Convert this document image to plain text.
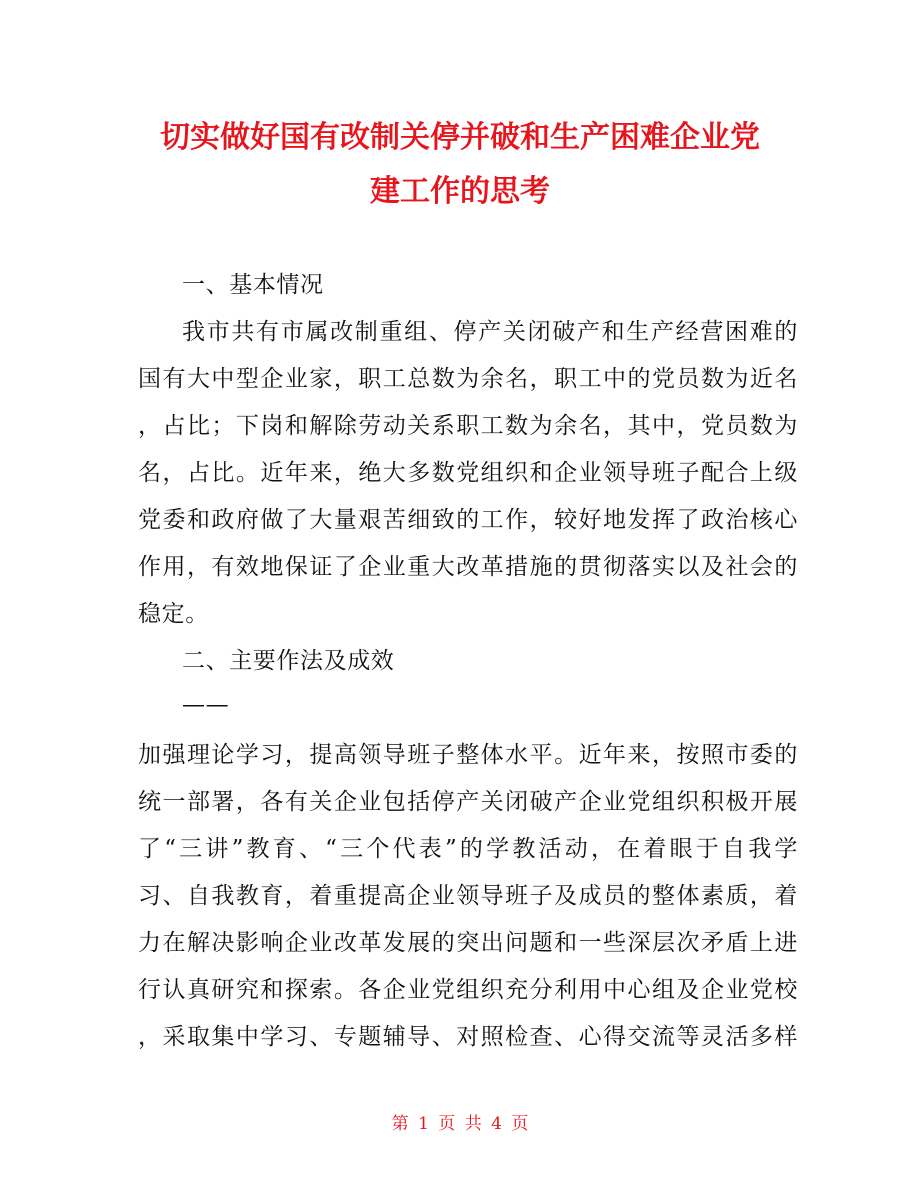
切实做好国有改制关停并破和生产困难企业党
建工作的思考
一、基本情况
我市共有市属改制重组、停产关闭破产和生产经营困难的
国有大中型企业家，职工总数为余名，职工中的党员数为近名
，占比；下岗和解除劳动关系职工数为余名，其中，党员数为
名，占比。近年来，绝大多数党组织和企业领导班子配合上级
党委和政府做了大量艰苦细致的工作，较好地发挥了政治核心
作用，有效地保证了企业重大改革措施的贯彻落实以及社会的
稳定。
二、主要作法及成效
——
加强理论学习，提高领导班子整体水平。近年来，按照市委的
统一部署，各有关企业包括停产关闭破产企业党组织积极开展
了“三讲”教育、“三个代表”的学教活动，在着眼于自我学
习、自我教育，着重提高企业领导班子及成员的整体素质，着
力在解决影响企业改革发展的突出问题和一些深层次矛盾上进
行认真研究和探索。各企业党组织充分利用中心组及企业党校
，采取集中学习、专题辅导、对照检查、心得交流等灵活多样
第 1 页 共 4 页
